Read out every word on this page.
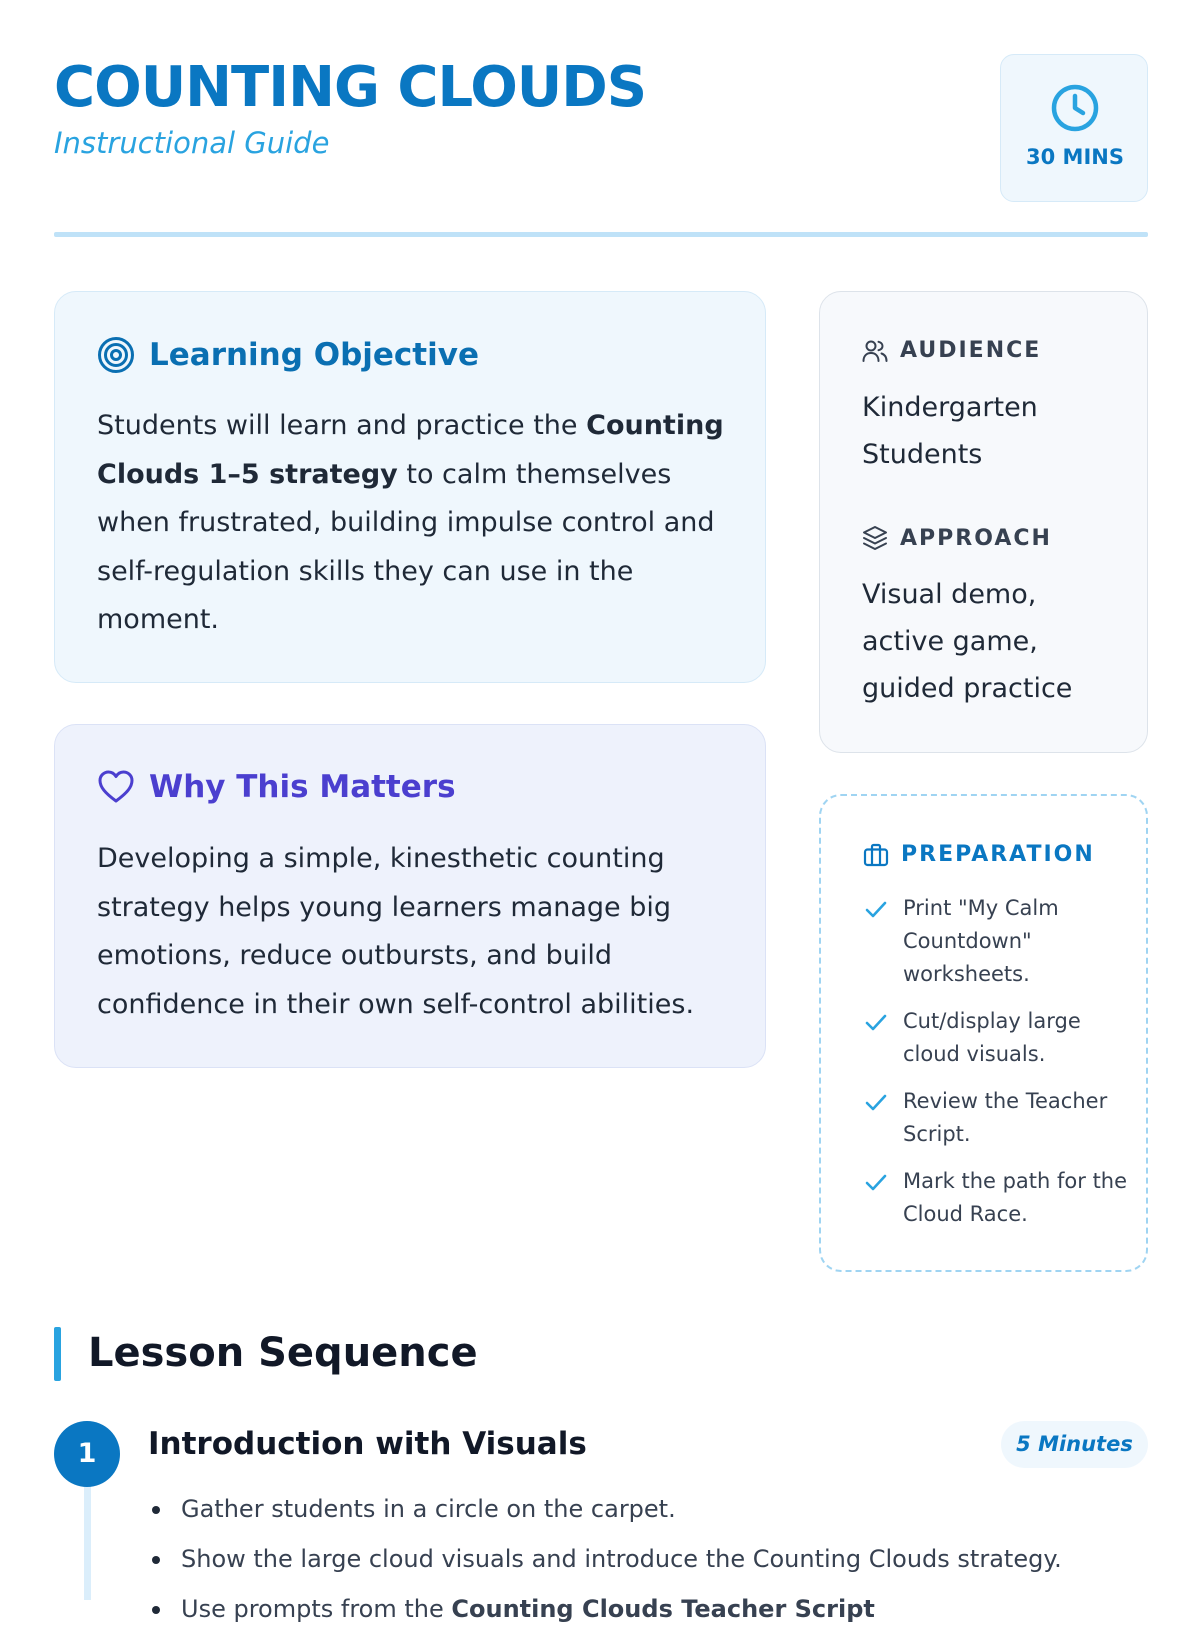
COUNTING CLOUDS
Instructional Guide	30 MINS
Learning Objective
Students will learn and practice the Counting Clouds 1–5 strategy to calm themselves when frustrated, building impulse control and self-regulation skills they can use in the moment.
Why This Matters
Developing a simple, kinesthetic counting strategy helps young learners manage big emotions, reduce outbursts, and build confidence in their own self-control abilities.
AUDIENCE
Kindergarten Students
APPROACH
Visual demo, active game, guided practice
PREPARATION
Print "My Calm Countdown" worksheets.
Cut/display large cloud visuals.
Review the Teacher Script.
Mark the path for the Cloud Race.
Lesson Sequence
1	Introduction with Visuals	5 Minutes
Gather students in a circle on the carpet.
Show the large cloud visuals and introduce the Counting Clouds strategy.
Use prompts from the Counting Clouds Teacher Script
